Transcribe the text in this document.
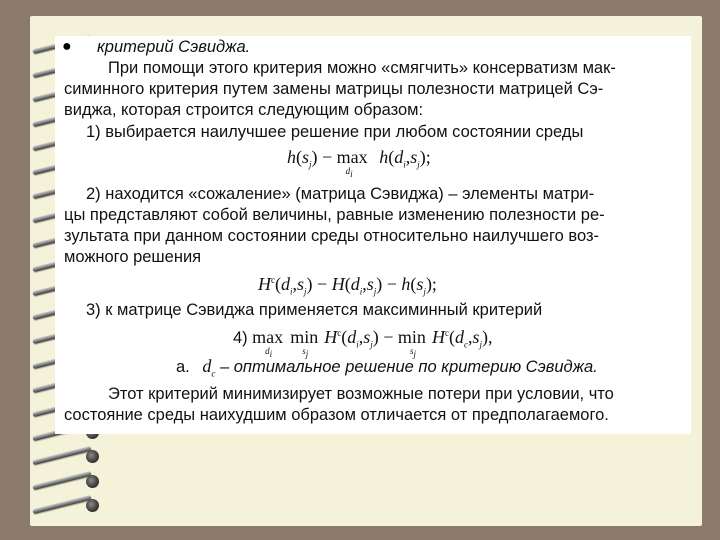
● критерий Сэвиджа.
При помощи этого критерия можно «смягчить» консерватизм мак-
симинного критерия путем замены матрицы полезности матрицей Сэ-
виджа, которая строится следующим образом:
1) выбирается наилучшее решение при любом состоянии среды
$h(s_j) - \max_{d_i} h(d_i,s_j)$;
2) находится «сожаление» (матрица Сэвиджа) – элементы матри-
цы представляют собой величины, равные изменению полезности ре-
зультата при данном состоянии среды относительно наилучшего воз-
можного решения
$H^c(d_i,s_j) - H(d_i,s_j) - h(s_j)$;
3) к матрице Сэвиджа применяется максиминный критерий
4) $\max_{d_i}\min_{s_j}H^c(d_i,s_j) - \min_{s_j}H^c(d_c,s_j)$,
a. $d_c$ – оптимальное решение по критерию Сэвиджа.
Этот критерий минимизирует возможные потери при условии, что
состояние среды наихудшим образом отличается от предполагаемого.
